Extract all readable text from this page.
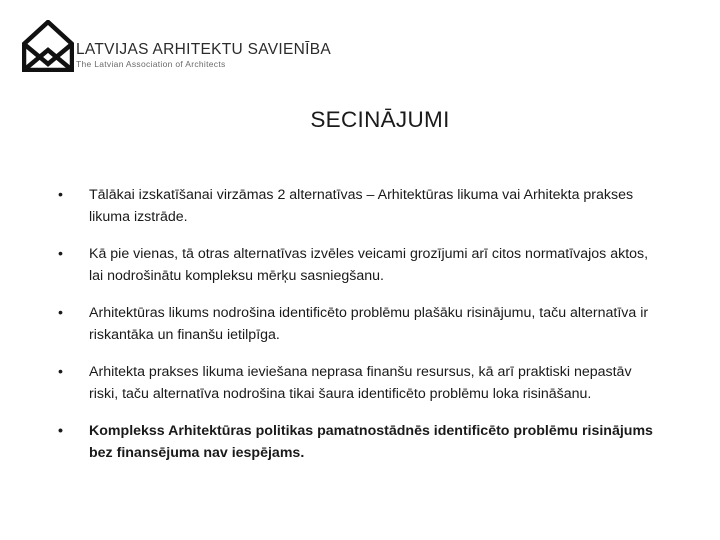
LATVIJAS ARHITEKTU SAVIENĪBA
The Latvian Association of Architects
SECINĀJUMI
• Tālākai izskatīšanai virzāmas 2 alternatīvas – Arhitektūras likuma vai Arhitekta prakses likuma izstrāde.
• Kā pie vienas, tā otras alternatīvas izvēles veicami grozījumi arī citos normatīvajos aktos, lai nodrošinātu kompleksu mērķu sasniegšanu.
• Arhitektūras likums nodrošina identificēto problēmu plašāku risinājumu, taču alternatīva ir riskantāka un finanšu ietilpīga.
• Arhitekta prakses likuma ieviešana neprasa finanšu resursus, kā arī praktiski nepastāv riski, taču alternatīva nodrošina tikai šaura identificēto problēmu loka risināšanu.
• Komplekss Arhitektūras politikas pamatnostādnēs identificēto problēmu risinājums bez finansējuma nav iespējams.
